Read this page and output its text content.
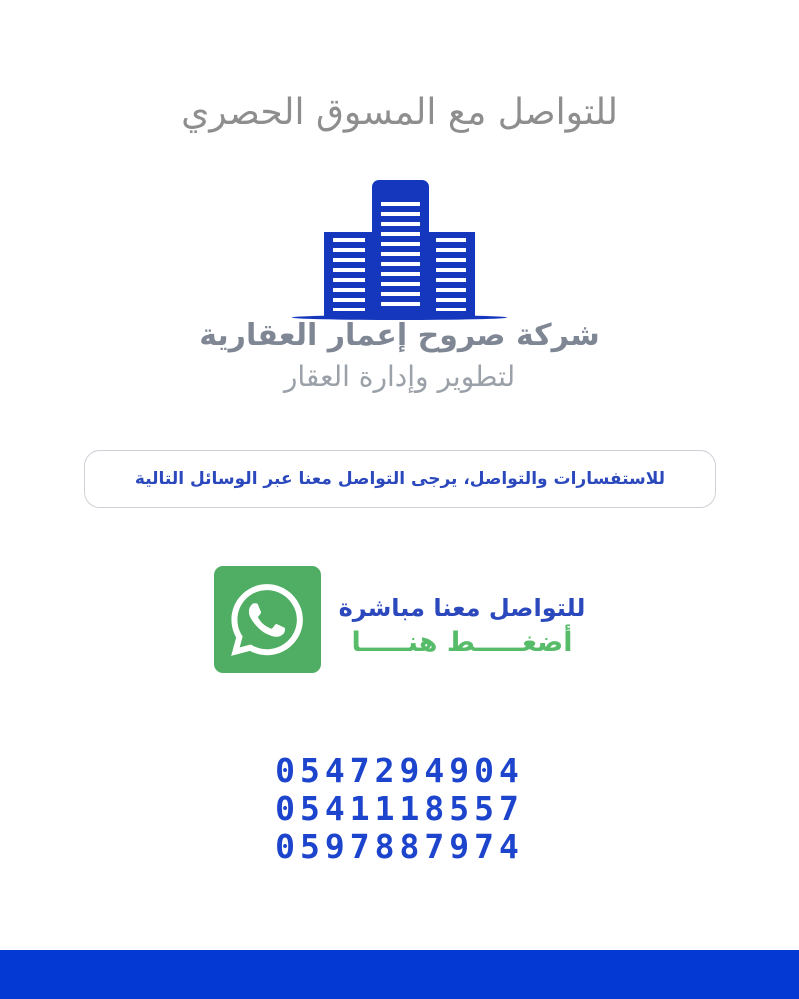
للتواصل مع المسوق الحصري
شركة صروح إعمار العقارية
لتطوير وإدارة العقار
للاستفسارات والتواصل، يرجى التواصل معنا عبر الوسائل التالية
للتواصل معنا مباشرة
أضغـــــط هنـــــا
0547294904
0541118557
0597887974
